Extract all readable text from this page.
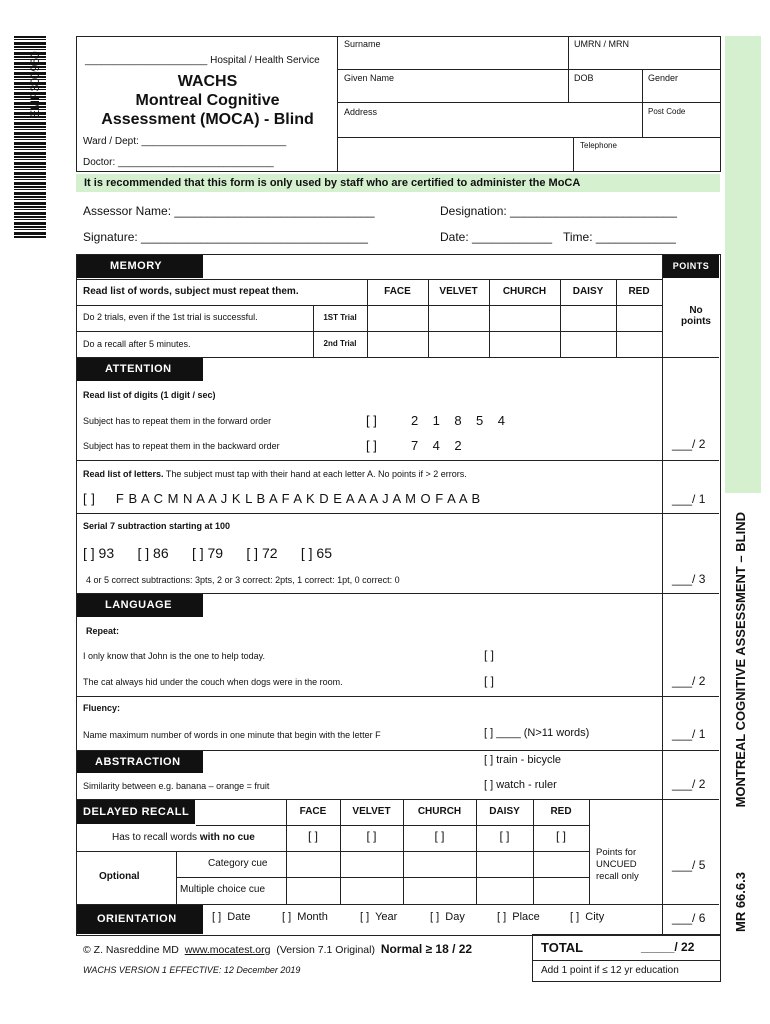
EMR300960	______________________ Hospital / Health Service
WACHS
Montreal Cognitive
Assessment (MOCA) - Blind
Ward / Dept: __________________________
Doctor: ____________________________
Surname	UMRN / MRN
Given Name	DOB	Gender
Address	Post Code
Telephone
It is recommended that this form is only used by staff who are certified to administer the MoCA
Assessor Name: ______________________________	Designation: _________________________
Signature: __________________________________	Date: ____________ Time: ____________
POINTS
MEMORY
Read list of words, subject must repeat them.	FACE	VELVET	CHURCH	DAISY	RED
Do 2 trials, even if the 1st trial is successful.	1ST Trial
Do a recall after 5 minutes.	2nd Trial
No points
ATTENTION
Read list of digits (1 digit / sec)
Subject has to repeat them in the forward order	[ ]	2    1    8    5    4
Subject has to repeat them in the backward order	[ ]	7    4    2	___/ 2
Read list of letters. The subject must tap with their hand at each letter A. No points if > 2 errors.
[ ]     F B A C M N A A J K L B A F A K D E A A A J A M O F A A B	___/ 1
Serial 7 subtraction starting at 100
[ ] 93      [ ] 86      [ ] 79      [ ] 72      [ ] 65
4 or 5 correct subtractions: 3pts, 2 or 3 correct: 2pts, 1 correct: 1pt, 0 correct: 0	___/ 3
LANGUAGE
Repeat:
I only know that John is the one to help today.	[ ]
The cat always hid under the couch when dogs were in the room.	[ ]	___/ 2
Fluency:
Name maximum number of words in one minute that begin with the letter F	[ ] ____ (N>11 words)	___/ 1
ABSTRACTION	[ ] train - bicycle
Similarity between e.g. banana – orange = fruit	[ ] watch - ruler	___/ 2
DELAYED RECALL	FACE	VELVET	CHURCH	DAISY	RED
Has to recall words with no cue	[ ]	[ ]	[ ]	[ ]	[ ]
Optional
Category cue
Multiple choice cue
Points for UNCUED recall only
___/ 5
ORIENTATION	[ ]  Date	[ ]  Month	[ ]  Year	[ ]  Day	[ ]  Place	[ ]  City	___/ 6
© Z. Nasreddine MD www.mocatest.org (Version 7.1 Original) Normal ≥ 18 / 22
WACHS VERSION 1 EFFECTIVE: 12 December 2019
TOTAL	_____/ 22
Add 1 point if ≤ 12 yr education
MONTREAL COGNITIVE ASSESSMENT – BLIND
MR 66.6.3
